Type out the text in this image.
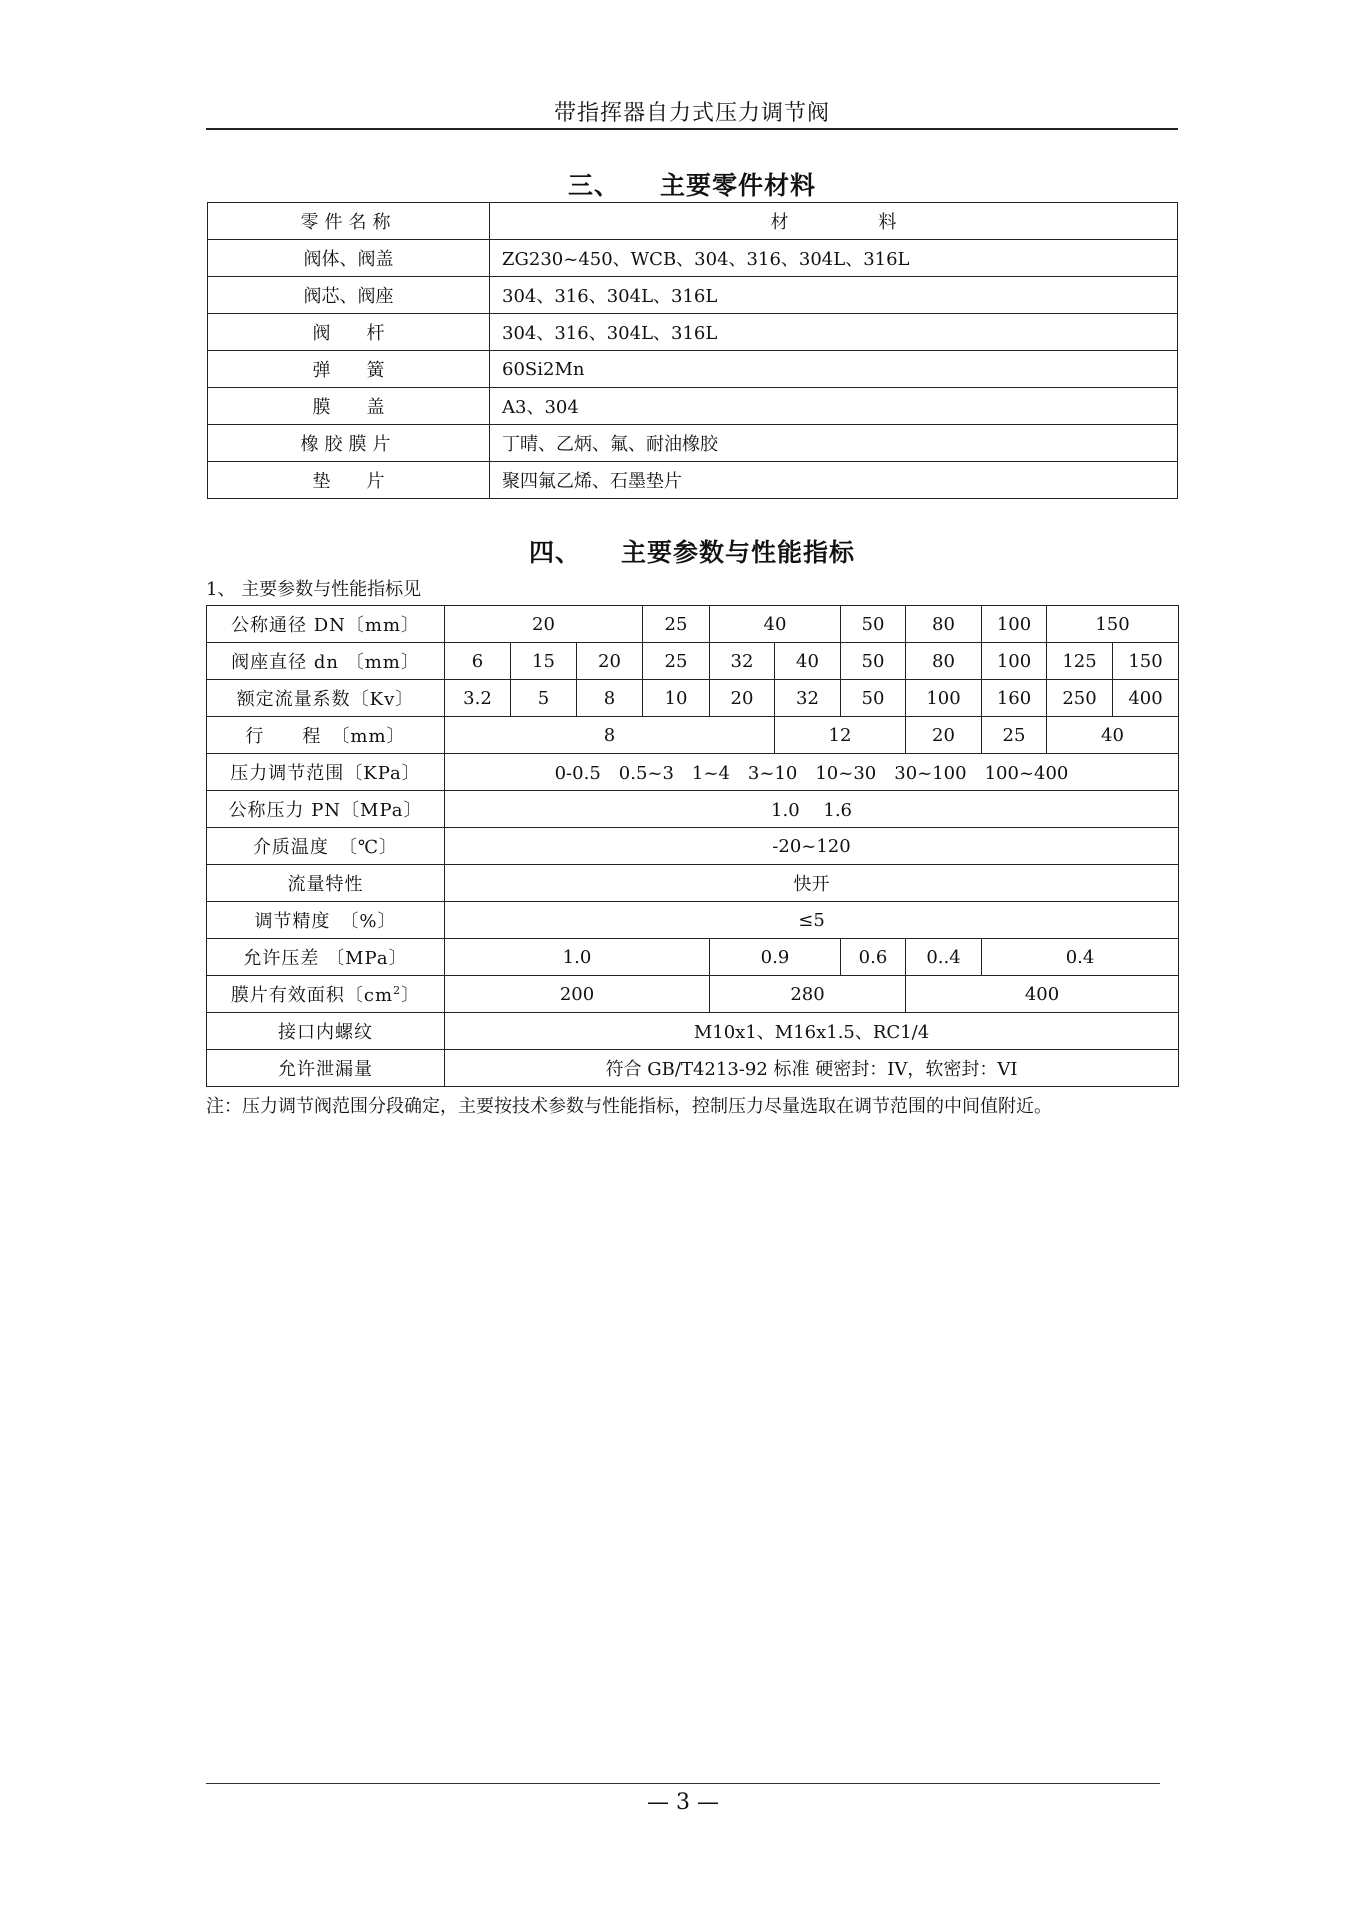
带指挥器自力式压力调节阀
三、 主要零件材料
零件名称	材　　　　　料
阀体、阀盖	ZG230~450、WCB、304、316、304L、316L
阀芯、阀座	304、316、304L、316L
阀　　杆	304、316、304L、316L
弹　　簧	60Si2Mn
膜　　盖	A3、304
橡胶膜片	丁晴、乙炳、氟、耐油橡胶
垫　　片	聚四氟乙烯、石墨垫片
四、 主要参数与性能指标
1、 主要参数与性能指标见
公称通径 DN〔mm〕	20			25	40		50	80	100	150	
阀座直径 dn 〔mm〕	6	15	20	25	32	40	50	80	100	125	150
额定流量系数〔Kv〕	3.2	5	8	10	20	32	50	100	160	250	400
行　　程　〔mm〕	8					12		20	25	40	
压力调节范围〔KPa〕	0-0.5　0.5~3　1~4　3~10　10~30　30~100　100~400										
公称压力 PN〔MPa〕	1.0　 1.6										
介质温度　〔℃〕	-20~120										
流量特性	快开										
调节精度　〔%〕	≤5										
允许压差 〔MPa〕	1.0				0.9		0.6	0..4	0.4		
膜片有效面积〔$cm^2$〕	200				280			400			
接口内螺纹	M10x1、M16x1.5、RC1/4										
允许泄漏量	符合 GB/T4213-92 标准 硬密封：IV，软密封：VI										
注：压力调节阀范围分段确定，主要按技术参数与性能指标，控制压力尽量选取在调节范围的中间值附近。
— 3 —
